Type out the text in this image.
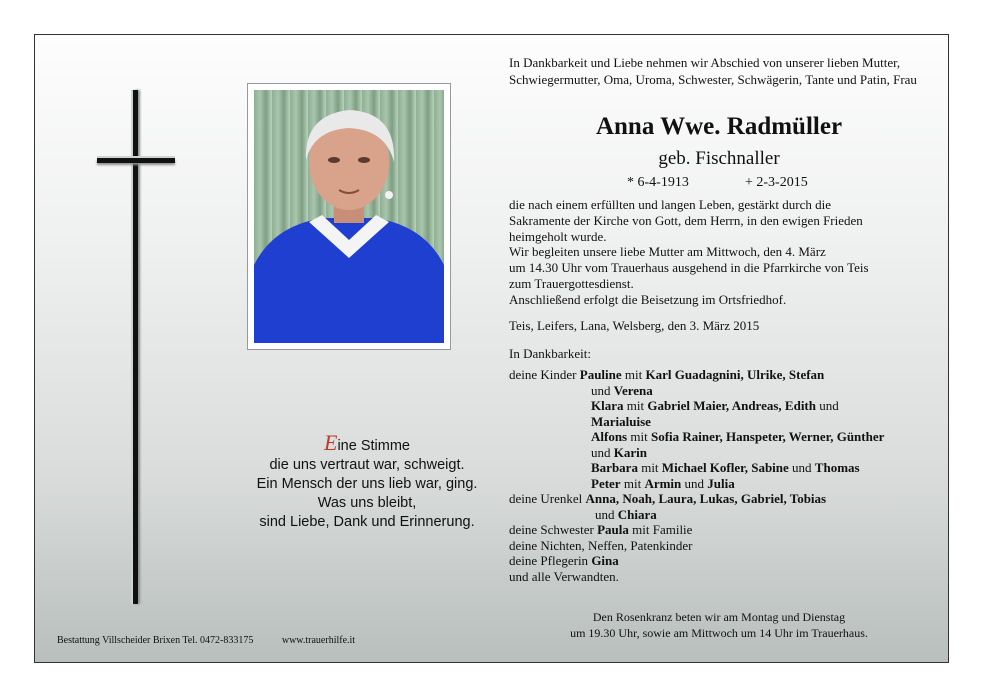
Eine Stimme
die uns vertraut war, schweigt.
Ein Mensch der uns lieb war, ging.
Was uns bleibt,
sind Liebe, Dank und Erinnerung.
In Dankbarkeit und Liebe nehmen wir Abschied von unserer lieben Mutter, Schwiegermutter, Oma, Uroma, Schwester, Schwägerin, Tante und Patin, Frau
Anna Wwe. Radmüller
geb. Fischnaller
* 6-4-1913	+ 2-3-2015
die nach einem erfüllten und langen Leben, gestärkt durch die
Sakramente der Kirche von Gott, dem Herrn, in den ewigen Frieden
heimgeholt wurde.
Wir begleiten unsere liebe Mutter am Mittwoch, den 4. März
um 14.30 Uhr vom Trauerhaus ausgehend in die Pfarrkirche von Teis
zum Trauergottesdienst.
Anschließend erfolgt die Beisetzung im Ortsfriedhof.
Teis, Leifers, Lana, Welsberg, den 3. März 2015
In Dankbarkeit:
deine Kinder Pauline mit Karl Guadagnini, Ulrike, Stefan
und Verena
Klara mit Gabriel Maier, Andreas, Edith und
Marialuise
Alfons mit Sofia Rainer, Hanspeter, Werner, Günther
und Karin
Barbara mit Michael Kofler, Sabine und Thomas
Peter mit Armin und Julia
deine Urenkel Anna, Noah, Laura, Lukas, Gabriel, Tobias
und Chiara
deine Schwester Paula mit Familie
deine Nichten, Neffen, Patenkinder
deine Pflegerin Gina
und alle Verwandten.
Den Rosenkranz beten wir am Montag und Dienstag
um 19.30 Uhr, sowie am Mittwoch um 14 Uhr im Trauerhaus.
Bestattung Villscheider Brixen Tel. 0472-833175	www.trauerhilfe.it
